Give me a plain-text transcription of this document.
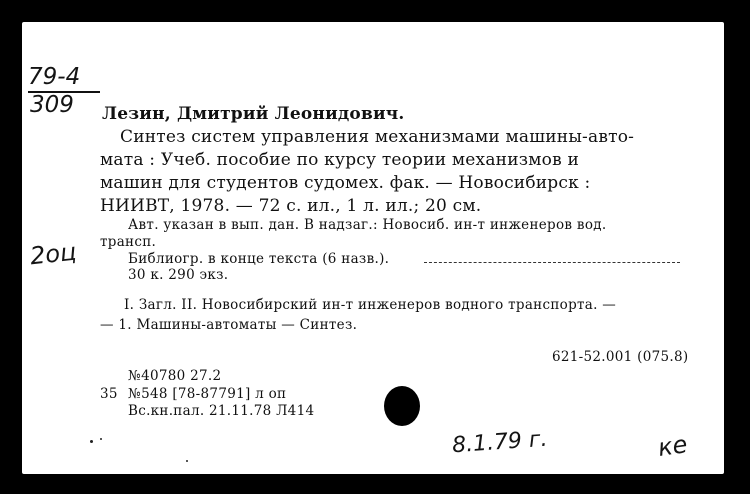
79-4
309 Лезин, Дмитрий Леонидович.
Синтез систем управления механизмами машины-авто-
мата : Учеб. пособие по курсу теории механизмов и
машин для студентов судомех. фак. — Новосибирск :
НИИВТ, 1978. — 72 с. ил., 1 л. ил.; 20 см.
Авт. указан в вып. дан. В надзаг.: Новосиб. ин-т инженеров вод.
трансп.
Библиогр. в конце текста (6 назв.).
30 к. 290 экз.
I. Загл. II. Новосибирский ин-т инженеров водного транспорта. —
— 1. Машины-автоматы — Синтез.
621-52.001 (075.8)
№40780 27.2
35 №548 [78-87791] л оп
Вс.кн.пал. 21.11.78 Л414
2оц
8.1.79 г.	ке
